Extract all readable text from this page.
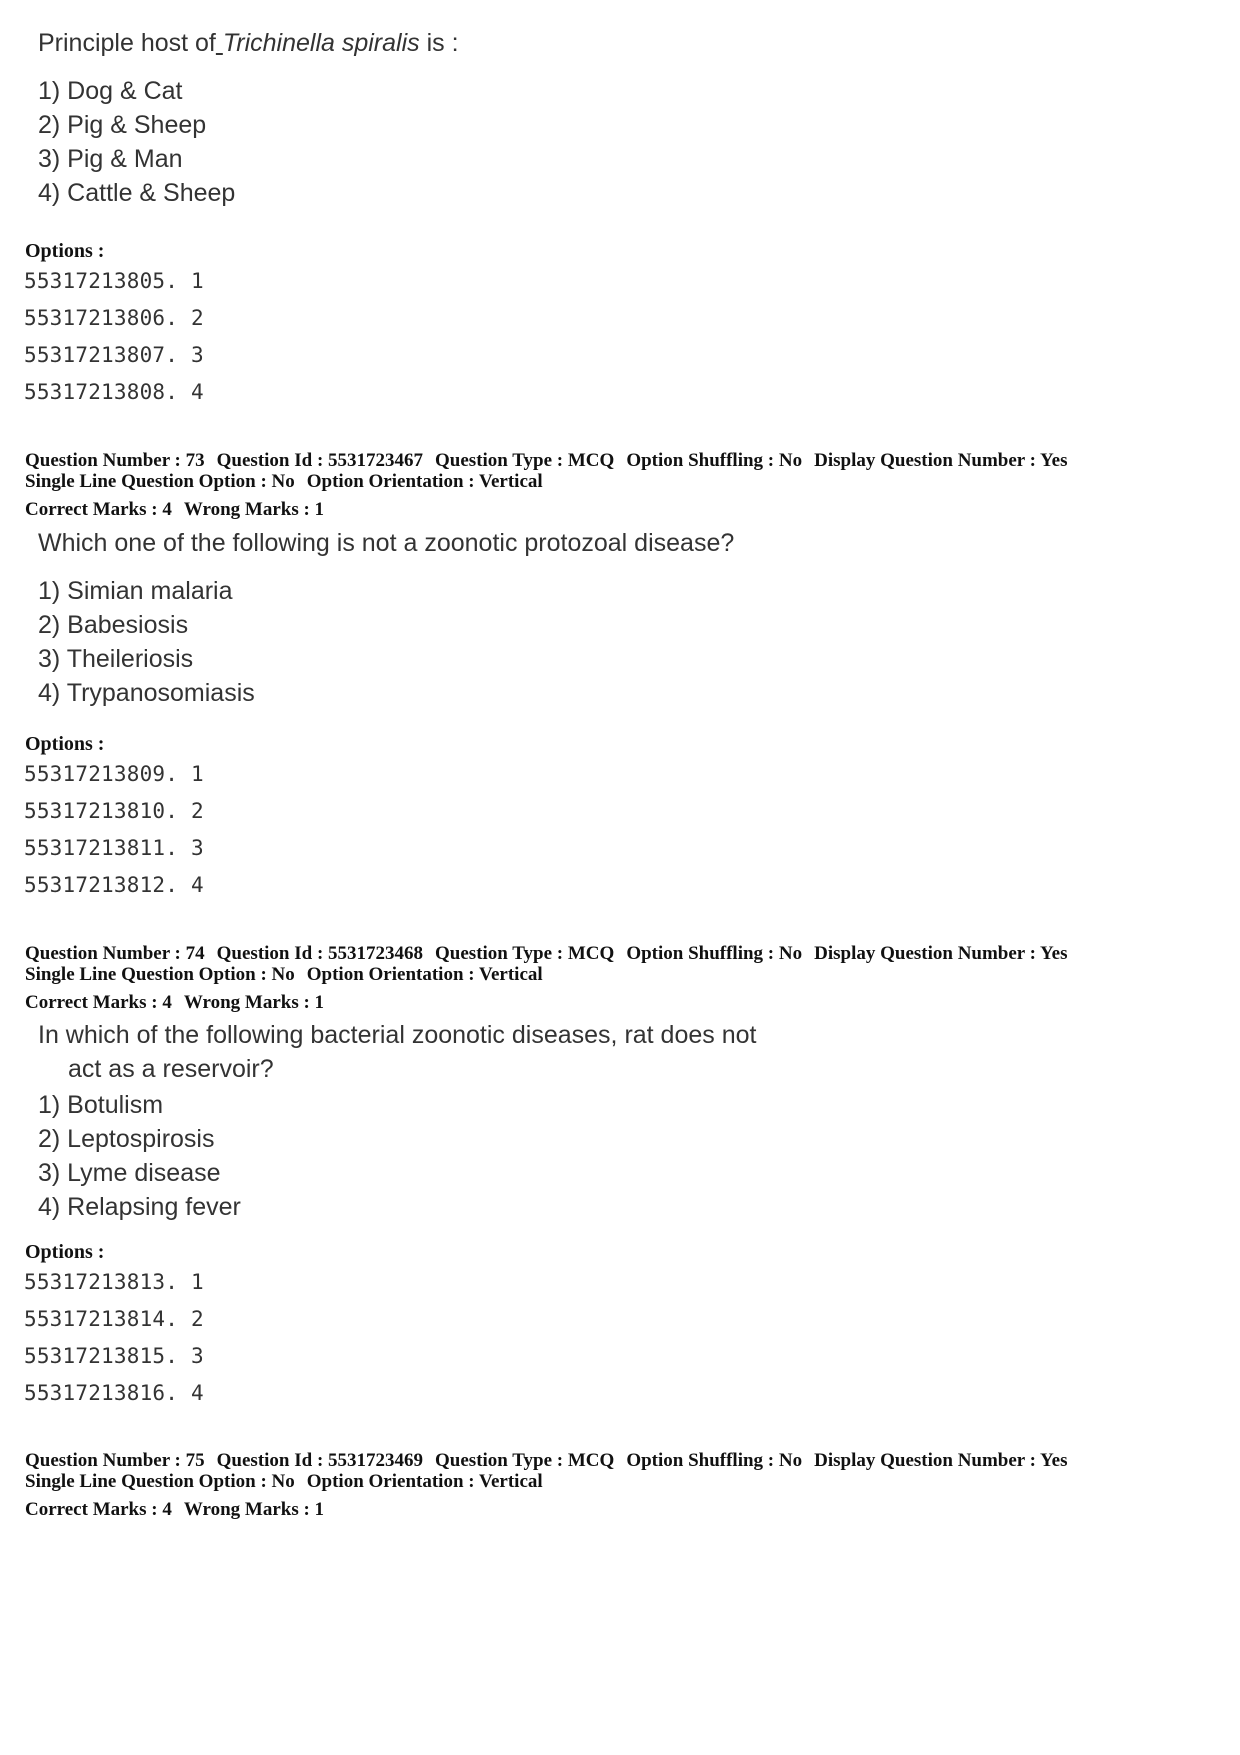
Principle host of Trichinella spiralis is :
1) Dog & Cat
2) Pig & Sheep
3) Pig & Man
4) Cattle & Sheep
Options :
55317213805. 1
55317213806. 2
55317213807. 3
55317213808. 4
Question Number : 73 Question Id : 5531723467 Question Type : MCQ Option Shuffling : No Display Question Number : Yes
Single Line Question Option : No Option Orientation : Vertical
Correct Marks : 4 Wrong Marks : 1
Which one of the following is not a zoonotic protozoal disease?
1) Simian malaria
2) Babesiosis
3) Theileriosis
4) Trypanosomiasis
Options :
55317213809. 1
55317213810. 2
55317213811. 3
55317213812. 4
Question Number : 74 Question Id : 5531723468 Question Type : MCQ Option Shuffling : No Display Question Number : Yes
Single Line Question Option : No Option Orientation : Vertical
Correct Marks : 4 Wrong Marks : 1
In which of the following bacterial zoonotic diseases, rat does not
act as a reservoir?
1) Botulism
2) Leptospirosis
3) Lyme disease
4) Relapsing fever
Options :
55317213813. 1
55317213814. 2
55317213815. 3
55317213816. 4
Question Number : 75 Question Id : 5531723469 Question Type : MCQ Option Shuffling : No Display Question Number : Yes
Single Line Question Option : No Option Orientation : Vertical
Correct Marks : 4 Wrong Marks : 1
